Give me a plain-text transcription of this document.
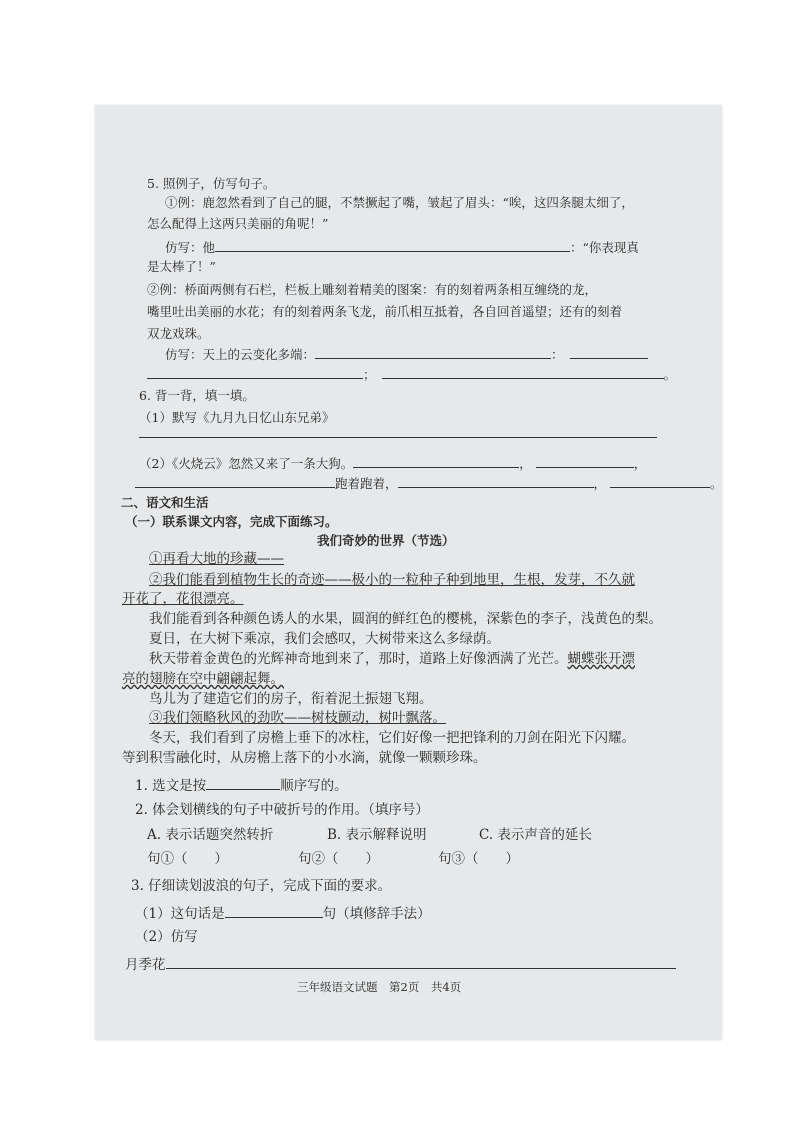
5. 照例子，仿写句子。
①例：鹿忽然看到了自己的腿，不禁撅起了嘴，皱起了眉头：“唉，这四条腿太细了，
怎么配得上这两只美丽的角呢！”
仿写：他	：“你表现真
是太棒了！”
②例：桥面两侧有石栏，栏板上雕刻着精美的图案：有的刻着两条相互缠绕的龙，
嘴里吐出美丽的水花；有的刻着两条飞龙，前爪相互抵着，各自回首遥望；还有的刻着
双龙戏珠。
仿写：天上的云变化多端：	：
；	。
6. 背一背，填一填。
（1）默写《九月九日忆山东兄弟》
（2）《火烧云》忽然又来了一条大狗。	，	，
跑着跑着，	，	。
二、语文和生活
（一）联系课文内容，完成下面练习。
我们奇妙的世界（节选）
①再看大地的珍藏——
②我们能看到植物生长的奇迹——极小的一粒种子种到地里，生根，发芽，不久就
开花了，花很漂亮。
我们能看到各种颜色诱人的水果，圆润的鲜红色的樱桃，深紫色的李子，浅黄色的梨。
夏日，在大树下乘凉，我们会感叹，大树带来这么多绿荫。
秋天带着金黄色的光辉神奇地到来了，那时，道路上好像洒满了光芒。蝴蝶张开漂
亮的翅膀在空中翩翩起舞。
鸟儿为了建造它们的房子，衔着泥土振翅飞翔。
③我们领略秋风的劲吹——树枝颤动，树叶飘落。
冬天，我们看到了房檐上垂下的冰柱，它们好像一把把锋利的刀剑在阳光下闪耀。
等到积雪融化时，从房檐上落下的小水滴，就像一颗颗珍珠。
1. 选文是按	顺序写的。
2. 体会划横线的句子中破折号的作用。（填序号）
A. 表示话题突然转折	B. 表示解释说明	C. 表示声音的延长
句①（　　）	句②（　　）	句③（　　）
3. 仔细读划波浪的句子，完成下面的要求。
（1）这句话是	句（填修辞手法）
（2）仿写
月季花
三年级语文试题　第2页　共4页
